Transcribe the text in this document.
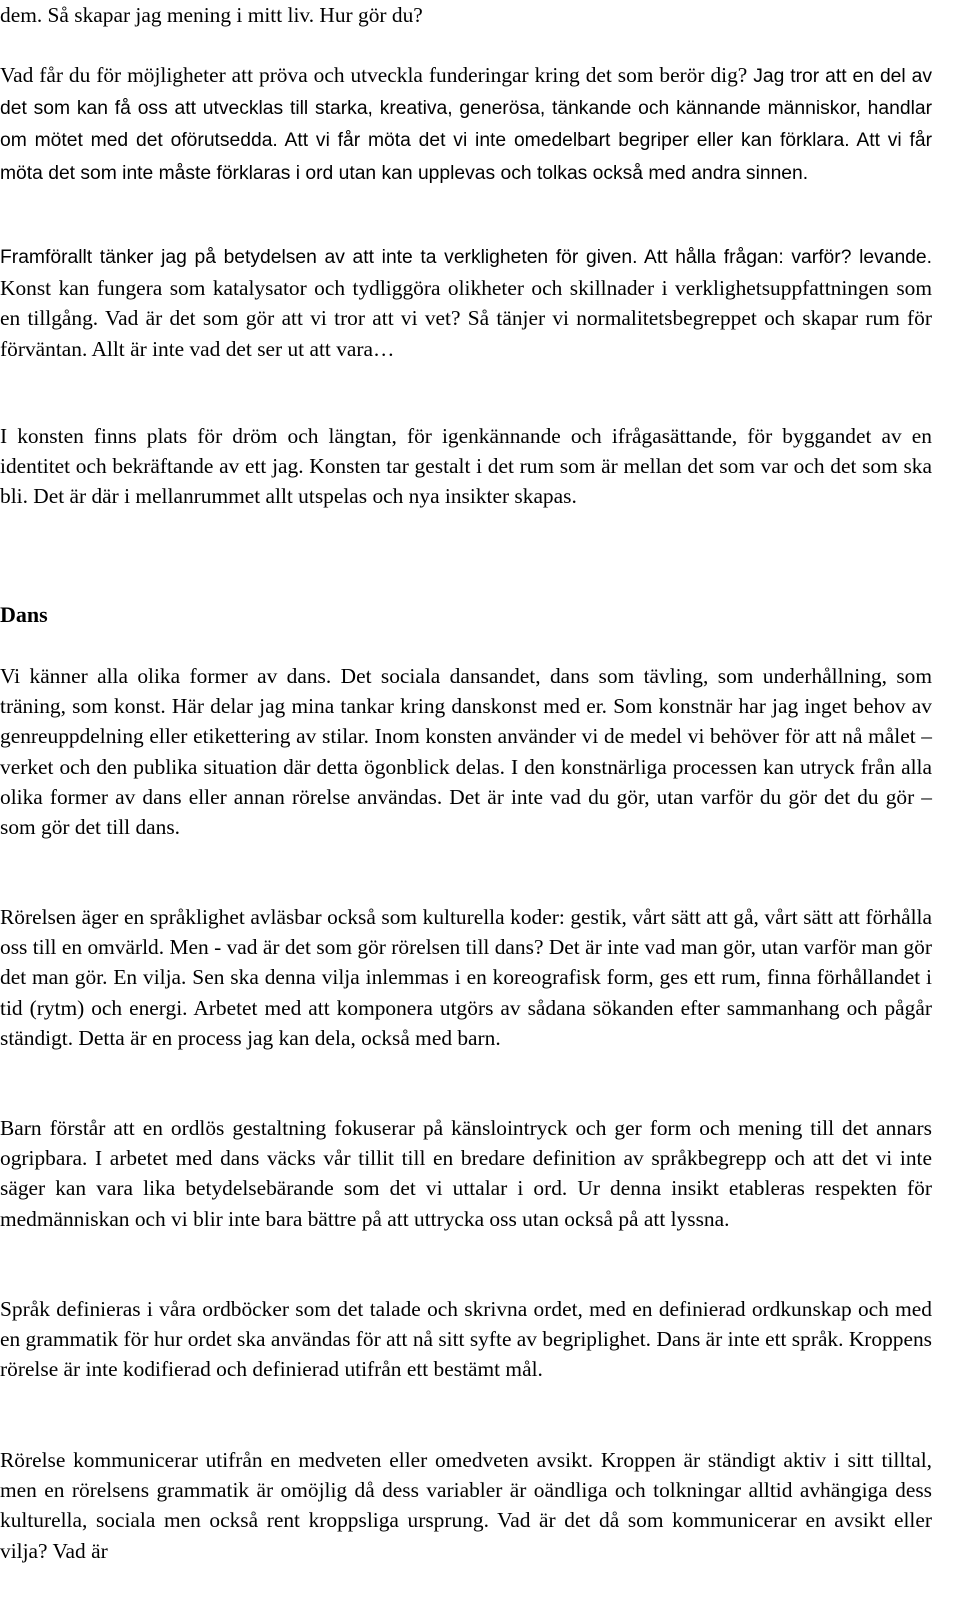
dem. Så skapar jag mening i mitt liv. Hur gör du?

Vad får du för möjligheter att pröva och utveckla funderingar kring det som berör dig? Jag tror att en del av det som kan få oss att utvecklas till starka, kreativa, generösa, tänkande och kännande människor, handlar om mötet med det oförutsedda. Att vi får möta det vi inte omedelbart begriper eller kan förklara. Att vi får möta det som inte måste förklaras i ord utan kan upplevas och tolkas också med andra sinnen.

Framförallt tänker jag på betydelsen av att inte ta verkligheten för given. Att hålla frågan: varför? levande. Konst kan fungera som katalysator och tydliggöra olikheter och skillnader i verklighetsuppfattningen som en tillgång. Vad är det som gör att vi tror att vi vet? Så tänjer vi normalitetsbegreppet och skapar rum för förväntan. Allt är inte vad det ser ut att vara…

I konsten finns plats för dröm och längtan, för igenkännande och ifrågasättande, för byggandet av en identitet och bekräftande av ett jag. Konsten tar gestalt i det rum som är mellan det som var och det som ska bli. Det är där i mellanrummet allt utspelas och nya insikter skapas.

Dans

Vi känner alla olika former av dans. Det sociala dansandet, dans som tävling, som underhållning, som träning, som konst. Här delar jag mina tankar kring danskonst med er. Som konstnär har jag inget behov av genreuppdelning eller etikettering av stilar. Inom konsten använder vi de medel vi behöver för att nå målet – verket och den publika situation där detta ögonblick delas. I den konstnärliga processen kan utryck från alla olika former av dans eller annan rörelse användas. Det är inte vad du gör, utan varför du gör det du gör – som gör det till dans.

Rörelsen äger en språklighet avläsbar också som kulturella koder: gestik, vårt sätt att gå, vårt sätt att förhålla oss till en omvärld. Men - vad är det som gör rörelsen till dans? Det är inte vad man gör, utan varför man gör det man gör. En vilja. Sen ska denna vilja inlemmas i en koreografisk form, ges ett rum, finna förhållandet i tid (rytm) och energi. Arbetet med att komponera utgörs av sådana sökanden efter sammanhang och pågår ständigt. Detta är en process jag kan dela, också med barn.

Barn förstår att en ordlös gestaltning fokuserar på känslointryck och ger form och mening till det annars ogripbara. I arbetet med dans väcks vår tillit till en bredare definition av språkbegrepp och att det vi inte säger kan vara lika betydelsebärande som det vi uttalar i ord. Ur denna insikt etableras respekten för medmänniskan och vi blir inte bara bättre på att uttrycka oss utan också på att lyssna.

Språk definieras i våra ordböcker som det talade och skrivna ordet, med en definierad ordkunskap och med en grammatik för hur ordet ska användas för att nå sitt syfte av begriplighet. Dans är inte ett språk. Kroppens rörelse är inte kodifierad och definierad utifrån ett bestämt mål.

Rörelse kommunicerar utifrån en medveten eller omedveten avsikt. Kroppen är ständigt aktiv i sitt tilltal, men en rörelsens grammatik är omöjlig då dess variabler är oändliga och tolkningar alltid avhängiga dess kulturella, sociala men också rent kroppsliga ursprung. Vad är det då som kommunicerar en avsikt eller vilja? Vad är
